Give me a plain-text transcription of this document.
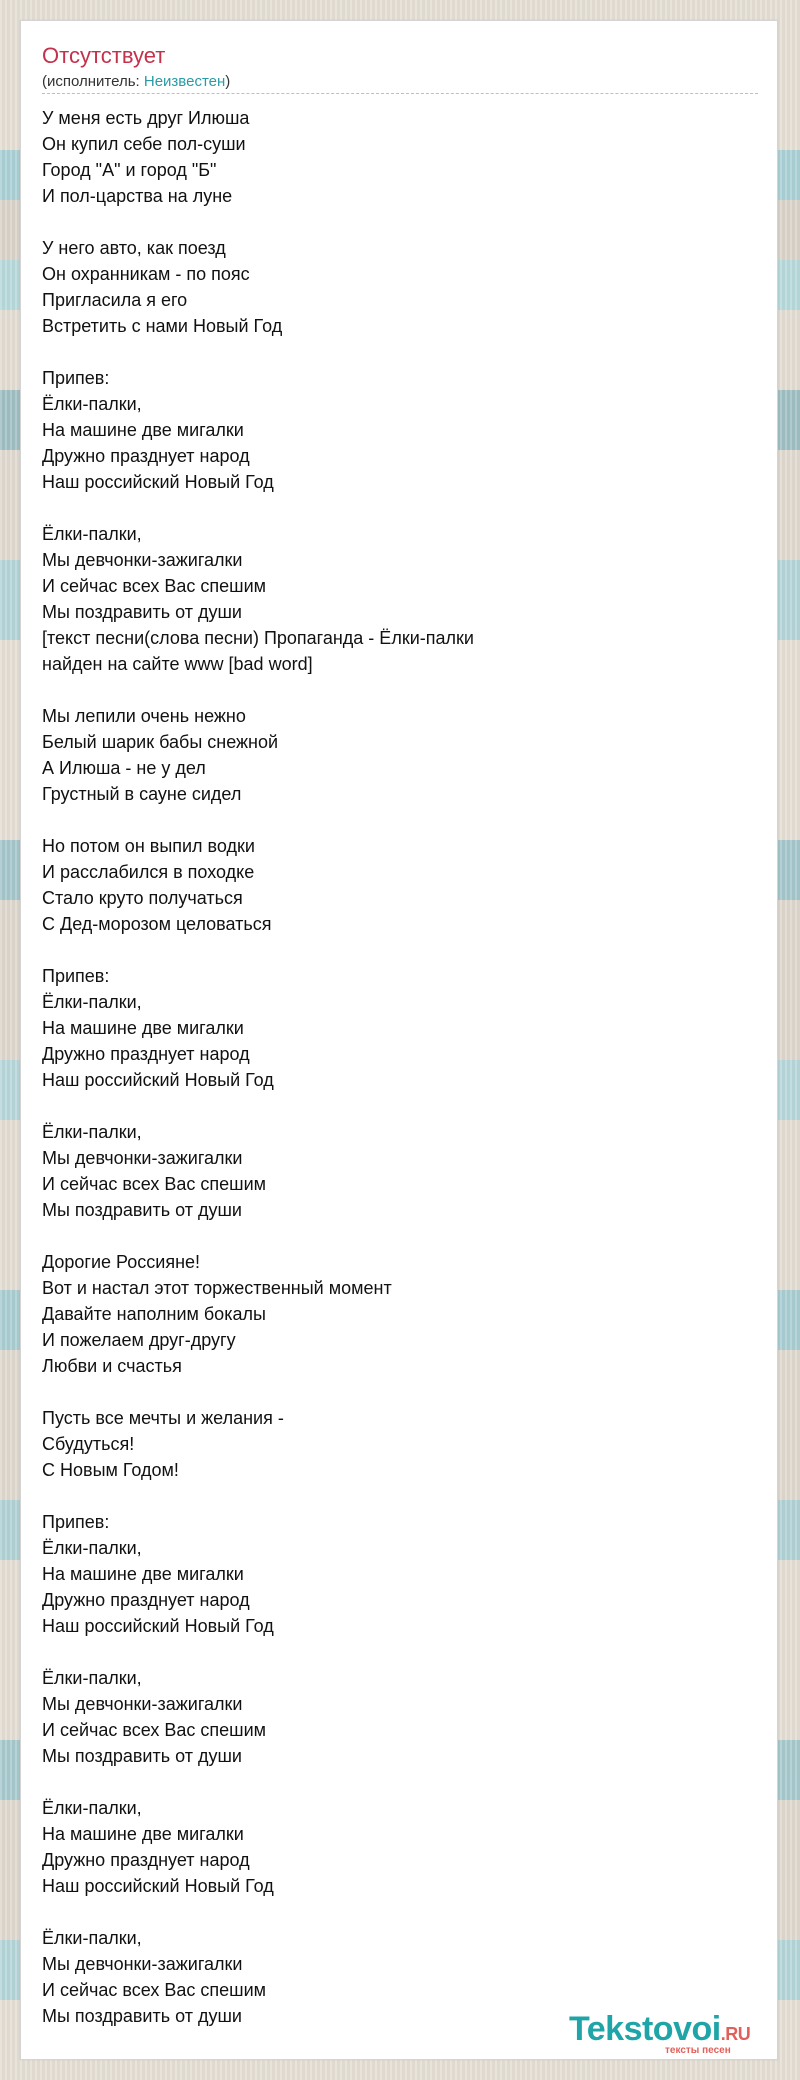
Отсутствует
(исполнитель: Неизвестен)
У меня есть друг Илюша
Он купил себе пол-суши
Город "А" и город "Б"
И пол-царства на луне
У него авто, как поезд
Он охранникам - по пояс
Пригласила я его
Встретить с нами Новый Год
Припев:
Ёлки-палки,
На машине две мигалки
Дружно празднует народ
Наш российский Новый Год
Ёлки-палки,
Мы девчонки-зажигалки
И сейчас всех Вас спешим
Мы поздравить от души
[текст песни(слова песни) Пропаганда - Ёлки-палки
найден на сайте www [bad word]
Мы лепили очень нежно
Белый шарик бабы снежной
А Илюша - не у дел
Грустный в сауне сидел
Но потом он выпил водки
И расслабился в походке
Стало круто получаться
С Дед-морозом целоваться
Припев:
Ёлки-палки,
На машине две мигалки
Дружно празднует народ
Наш российский Новый Год
Ёлки-палки,
Мы девчонки-зажигалки
И сейчас всех Вас спешим
Мы поздравить от души
Дорогие Россияне!
Вот и настал этот торжественный момент
Давайте наполним бокалы
И пожелаем друг-другу
Любви и счастья
Пусть все мечты и желания -
Сбудуться!
С Новым Годом!
Припев:
Ёлки-палки,
На машине две мигалки
Дружно празднует народ
Наш российский Новый Год
Ёлки-палки,
Мы девчонки-зажигалки
И сейчас всех Вас спешим
Мы поздравить от души
Ёлки-палки,
На машине две мигалки
Дружно празднует народ
Наш российский Новый Год
Ёлки-палки,
Мы девчонки-зажигалки
И сейчас всех Вас спешим
Мы поздравить от души	Tekstovoi.RU
тексты песен
